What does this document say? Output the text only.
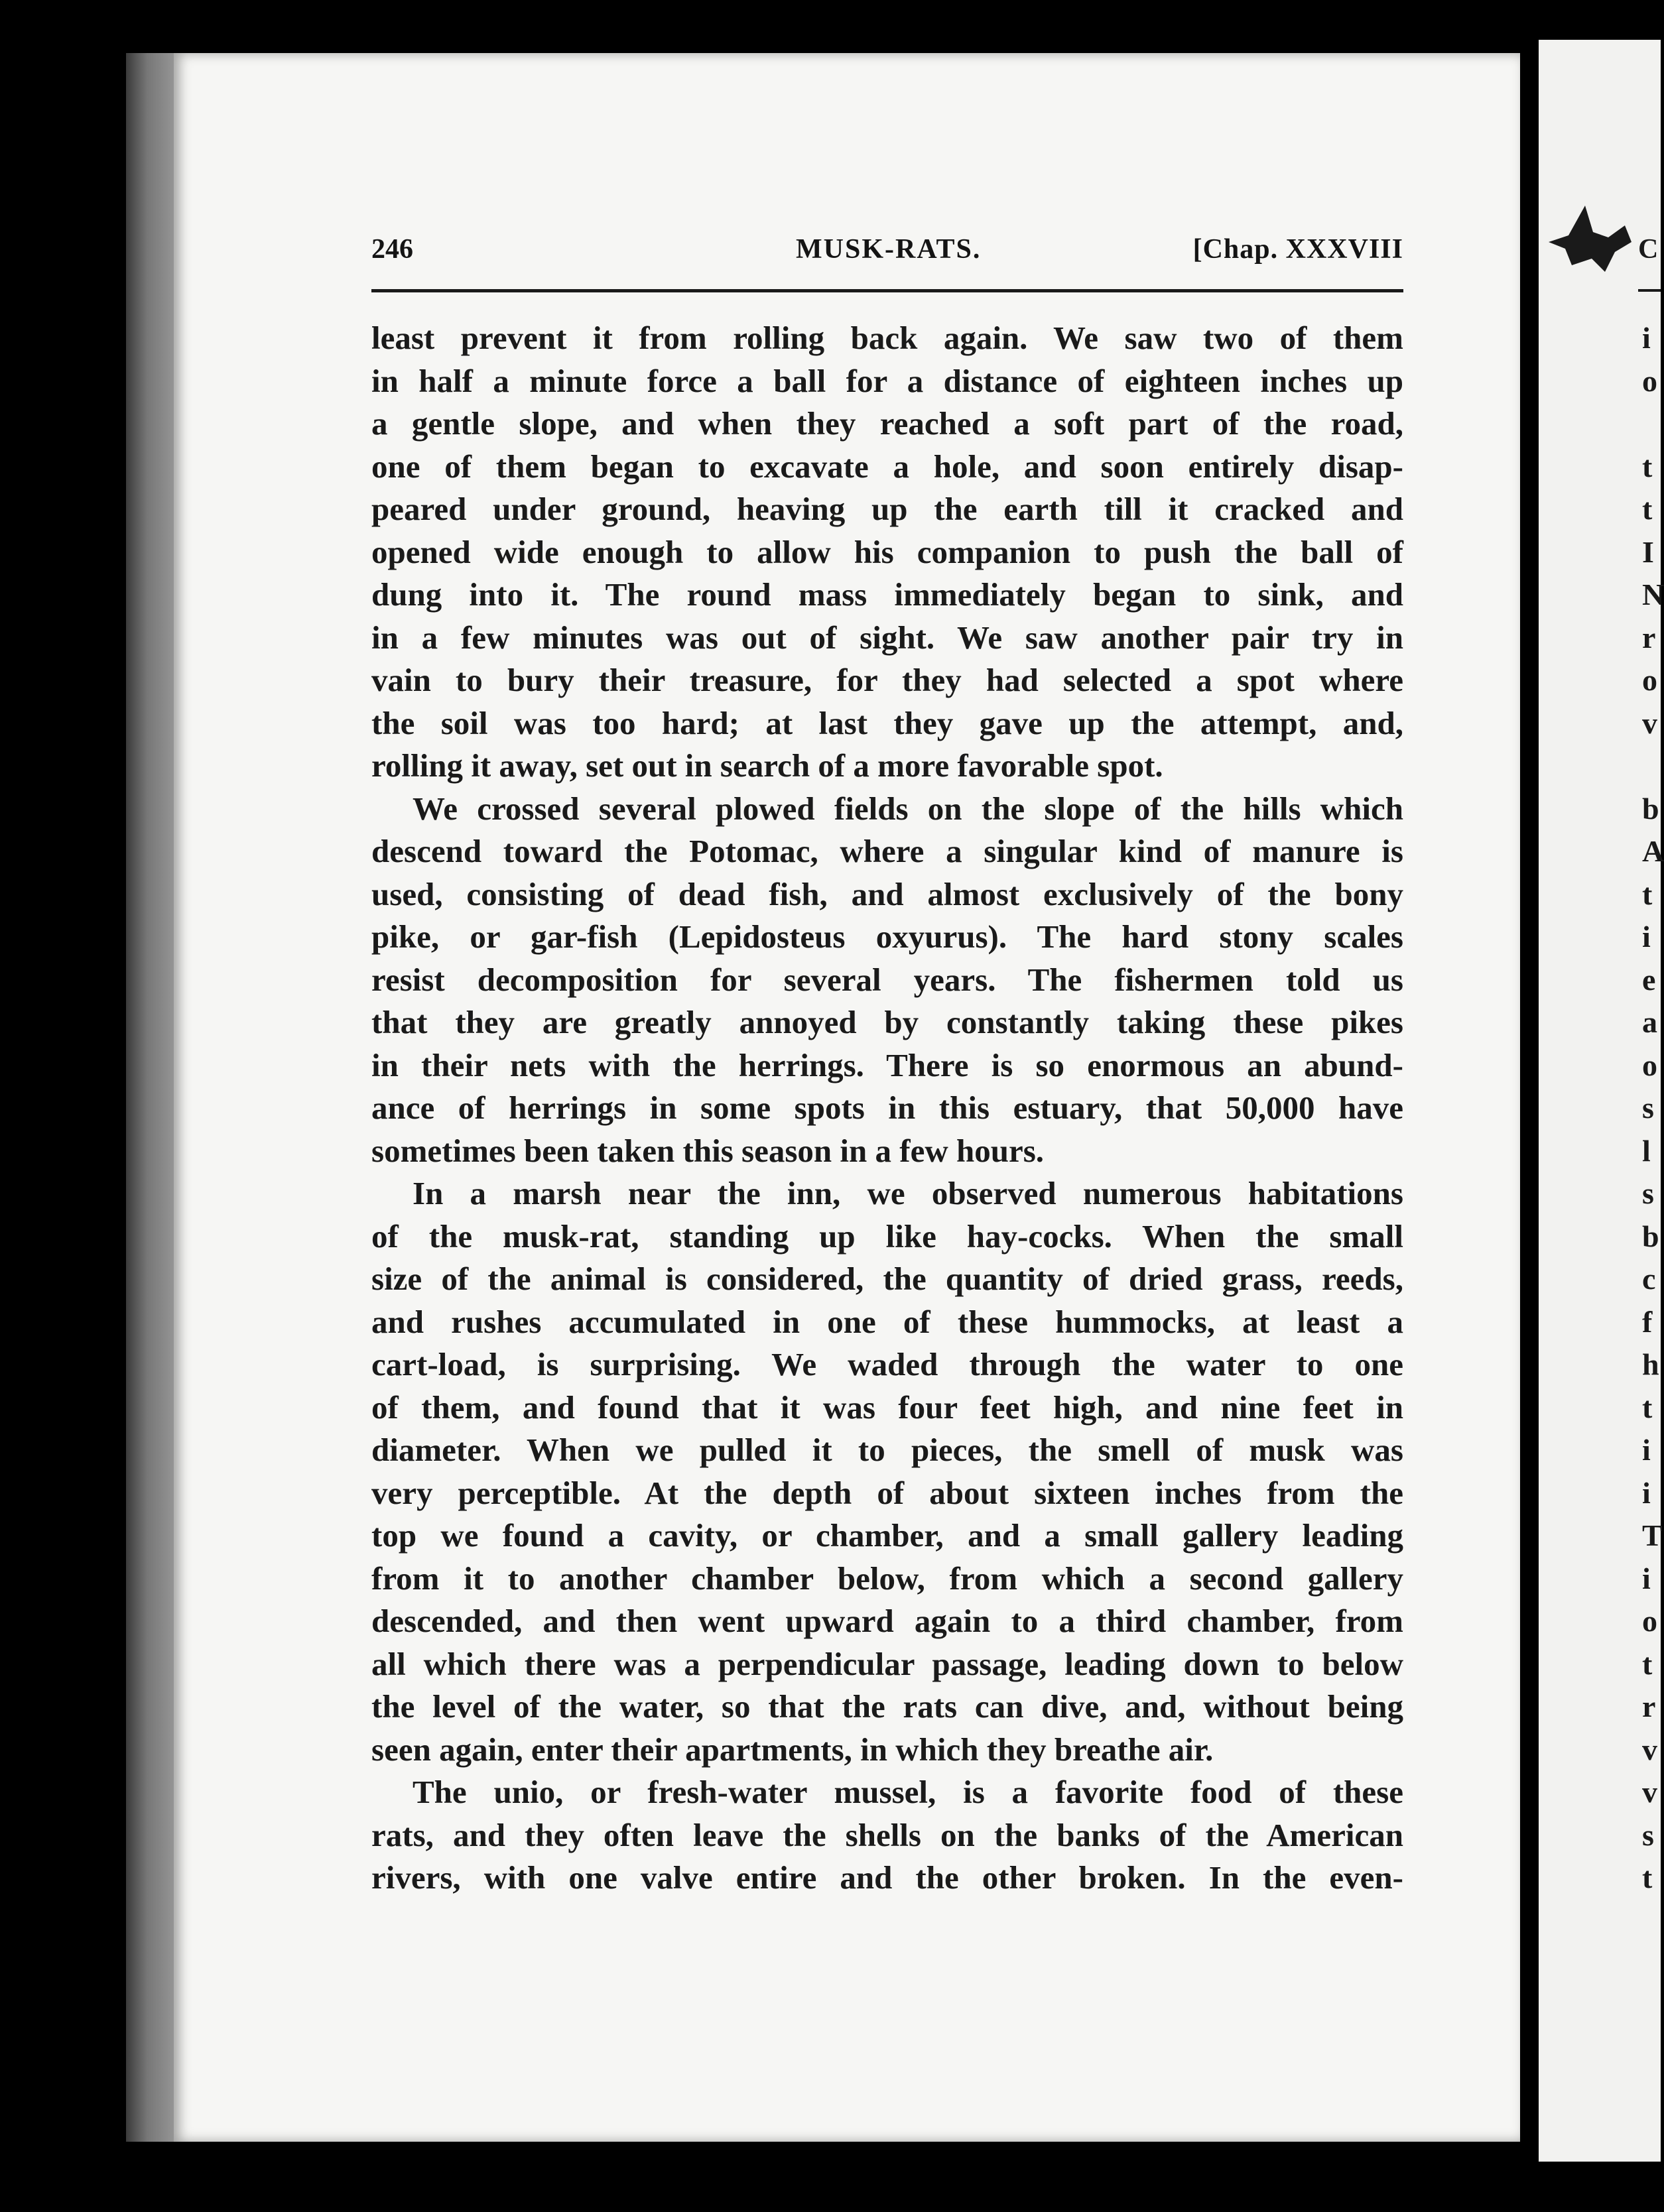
246	MUSK-RATS.	[Chap. XXXVIII
least prevent it from rolling back again. We saw two of them
in half a minute force a ball for a distance of eighteen inches up
a gentle slope, and when they reached a soft part of the road,
one of them began to excavate a hole, and soon entirely disap-
peared under ground, heaving up the earth till it cracked and
opened wide enough to allow his companion to push the ball of
dung into it. The round mass immediately began to sink, and
in a few minutes was out of sight. We saw another pair try in
vain to bury their treasure, for they had selected a spot where
the soil was too hard; at last they gave up the attempt, and,
rolling it away, set out in search of a more favorable spot.
We crossed several plowed fields on the slope of the hills which
descend toward the Potomac, where a singular kind of manure is
used, consisting of dead fish, and almost exclusively of the bony
pike, or gar-fish (Lepidosteus oxyurus). The hard stony scales
resist decomposition for several years. The fishermen told us
that they are greatly annoyed by constantly taking these pikes
in their nets with the herrings. There is so enormous an abund-
ance of herrings in some spots in this estuary, that 50,000 have
sometimes been taken this season in a few hours.
In a marsh near the inn, we observed numerous habitations
of the musk-rat, standing up like hay-cocks. When the small
size of the animal is considered, the quantity of dried grass, reeds,
and rushes accumulated in one of these hummocks, at least a
cart-load, is surprising. We waded through the water to one
of them, and found that it was four feet high, and nine feet in
diameter. When we pulled it to pieces, the smell of musk was
very perceptible. At the depth of about sixteen inches from the
top we found a cavity, or chamber, and a small gallery leading
from it to another chamber below, from which a second gallery
descended, and then went upward again to a third chamber, from
all which there was a perpendicular passage, leading down to below
the level of the water, so that the rats can dive, and, without being
seen again, enter their apartments, in which they breathe air.
The unio, or fresh-water mussel, is a favorite food of these
rats, and they often leave the shells on the banks of the American
rivers, with one valve entire and the other broken. In the even-
C
i
o
t
t
I
N
r
o
v
b
A
t
i
e
a
o
s
l
s
b
c
f
h
t
i
i
T
i
o
t
r
v
v
s
t
